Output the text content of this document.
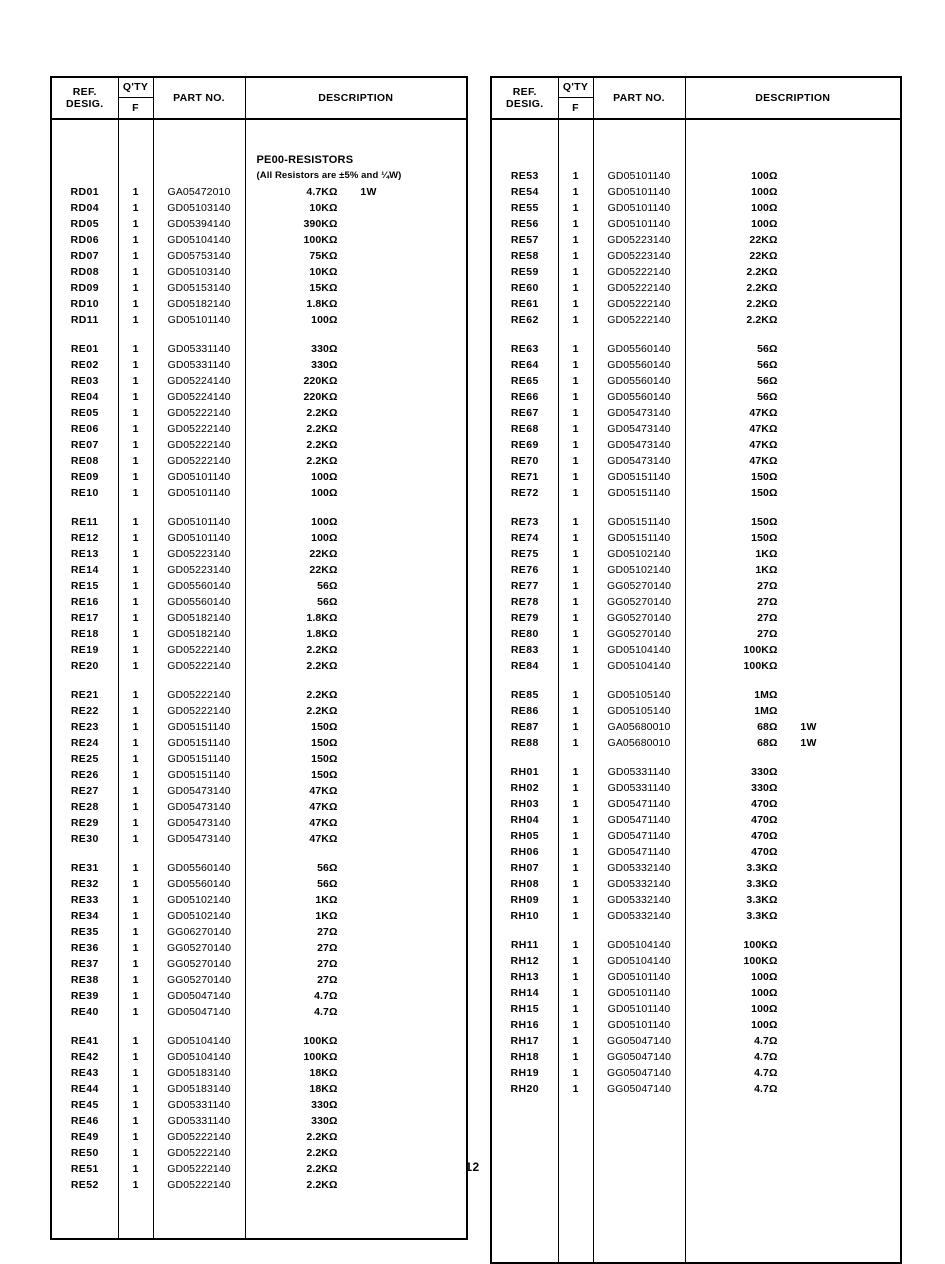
REF.
DESIG.	Q'TY	PART NO.	DESCRIPTION
	F		

			PE00-RESISTORS

			(All Resistors are ±5% and ¼W)

RD01	1	GA05472010	4.7KΩ 1W

RD04	1	GD05103140	10KΩ

RD05	1	GD05394140	390KΩ

RD06	1	GD05104140	100KΩ

RD07	1	GD05753140	75KΩ

RD08	1	GD05103140	10KΩ

RD09	1	GD05153140	15KΩ

RD10	1	GD05182140	1.8KΩ

RD11	1	GD05101140	100Ω

RE01	1	GD05331140	330Ω

RE02	1	GD05331140	330Ω

RE03	1	GD05224140	220KΩ

RE04	1	GD05224140	220KΩ

RE05	1	GD05222140	2.2KΩ

RE06	1	GD05222140	2.2KΩ

RE07	1	GD05222140	2.2KΩ

RE08	1	GD05222140	2.2KΩ

RE09	1	GD05101140	100Ω

RE10	1	GD05101140	100Ω

RE11	1	GD05101140	100Ω

RE12	1	GD05101140	100Ω

RE13	1	GD05223140	22KΩ

RE14	1	GD05223140	22KΩ

RE15	1	GD05560140	56Ω

RE16	1	GD05560140	56Ω

RE17	1	GD05182140	1.8KΩ

RE18	1	GD05182140	1.8KΩ

RE19	1	GD05222140	2.2KΩ

RE20	1	GD05222140	2.2KΩ

RE21	1	GD05222140	2.2KΩ

RE22	1	GD05222140	2.2KΩ

RE23	1	GD05151140	150Ω

RE24	1	GD05151140	150Ω

RE25	1	GD05151140	150Ω

RE26	1	GD05151140	150Ω

RE27	1	GD05473140	47KΩ

RE28	1	GD05473140	47KΩ

RE29	1	GD05473140	47KΩ

RE30	1	GD05473140	47KΩ

RE31	1	GD05560140	56Ω

RE32	1	GD05560140	56Ω

RE33	1	GD05102140	1KΩ

RE34	1	GD05102140	1KΩ

RE35	1	GG06270140	27Ω

RE36	1	GG05270140	27Ω

RE37	1	GG05270140	27Ω

RE38	1	GG05270140	27Ω

RE39	1	GD05047140	4.7Ω

RE40	1	GD05047140	4.7Ω

RE41	1	GD05104140	100KΩ

RE42	1	GD05104140	100KΩ

RE43	1	GD05183140	18KΩ

RE44	1	GD05183140	18KΩ

RE45	1	GD05331140	330Ω

RE46	1	GD05331140	330Ω

RE49	1	GD05222140	2.2KΩ

RE50	1	GD05222140	2.2KΩ

RE51	1	GD05222140	2.2KΩ

RE52	1	GD05222140	2.2KΩ

REF.
DESIG.	Q'TY	PART NO.	DESCRIPTION
	F		

RE53	1	GD05101140	100Ω

RE54	1	GD05101140	100Ω

RE55	1	GD05101140	100Ω

RE56	1	GD05101140	100Ω

RE57	1	GD05223140	22KΩ

RE58	1	GD05223140	22KΩ

RE59	1	GD05222140	2.2KΩ

RE60	1	GD05222140	2.2KΩ

RE61	1	GD05222140	2.2KΩ

RE62	1	GD05222140	2.2KΩ

RE63	1	GD05560140	56Ω

RE64	1	GD05560140	56Ω

RE65	1	GD05560140	56Ω

RE66	1	GD05560140	56Ω

RE67	1	GD05473140	47KΩ

RE68	1	GD05473140	47KΩ

RE69	1	GD05473140	47KΩ

RE70	1	GD05473140	47KΩ

RE71	1	GD05151140	150Ω

RE72	1	GD05151140	150Ω

RE73	1	GD05151140	150Ω

RE74	1	GD05151140	150Ω

RE75	1	GD05102140	1KΩ

RE76	1	GD05102140	1KΩ

RE77	1	GG05270140	27Ω

RE78	1	GG05270140	27Ω

RE79	1	GG05270140	27Ω

RE80	1	GG05270140	27Ω

RE83	1	GD05104140	100KΩ

RE84	1	GD05104140	100KΩ

RE85	1	GD05105140	1MΩ

RE86	1	GD05105140	1MΩ

RE87	1	GA05680010	68Ω 1W

RE88	1	GA05680010	68Ω 1W

RH01	1	GD05331140	330Ω

RH02	1	GD05331140	330Ω

RH03	1	GD05471140	470Ω

RH04	1	GD05471140	470Ω

RH05	1	GD05471140	470Ω

RH06	1	GD05471140	470Ω

RH07	1	GD05332140	3.3KΩ

RH08	1	GD05332140	3.3KΩ

RH09	1	GD05332140	3.3KΩ

RH10	1	GD05332140	3.3KΩ

RH11	1	GD05104140	100KΩ

RH12	1	GD05104140	100KΩ

RH13	1	GD05101140	100Ω

RH14	1	GD05101140	100Ω

RH15	1	GD05101140	100Ω

RH16	1	GD05101140	100Ω

RH17	1	GG05047140	4.7Ω

RH18	1	GG05047140	4.7Ω

RH19	1	GG05047140	4.7Ω

RH20	1	GG05047140	4.7Ω

12
